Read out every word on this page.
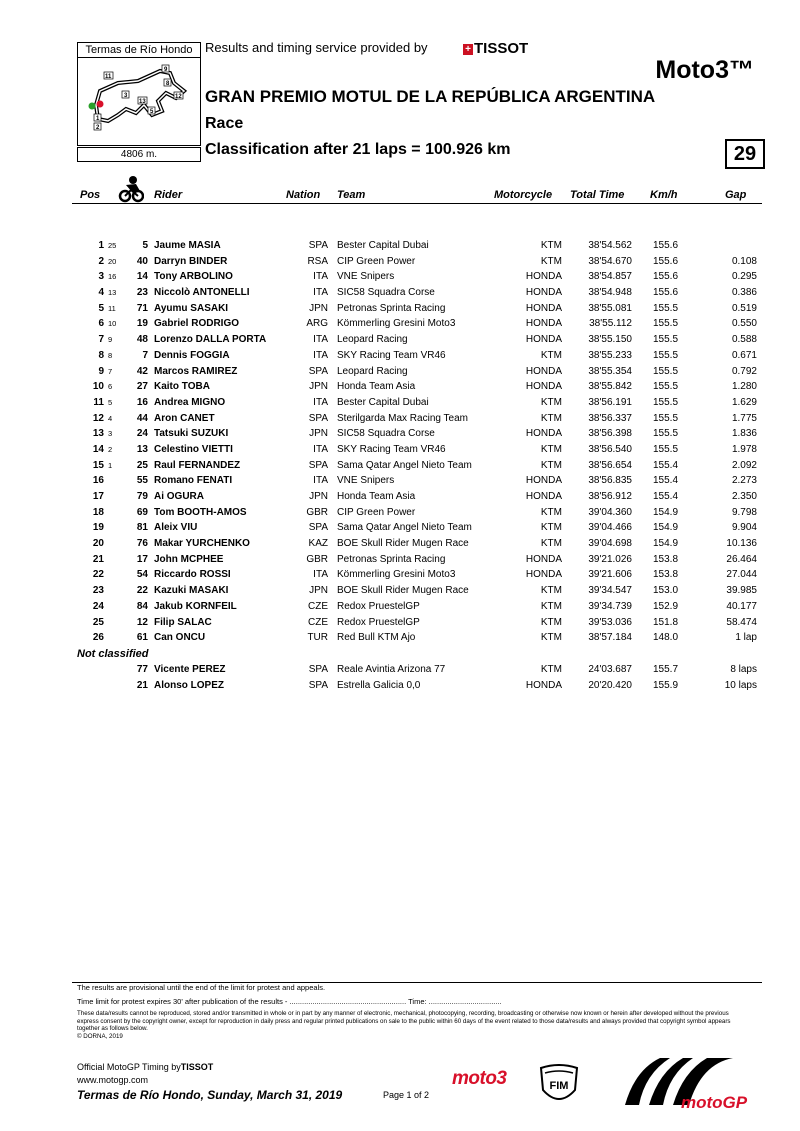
11
9
12
13
3
1
2
8
5
Termas de Río Hondo
4806 m.
Results and timing service provided by	+ TISSOT
Moto3™
GRAN PREMIO MOTUL DE LA REPÚBLICA ARGENTINA
Race
Classification after 21 laps = 100.926 km	29
Pos	Rider	Nation Team	Motorcycle Total Time Km/h	Gap
1 25	5 Jaume MASIA	SPA Bester Capital Dubai	KTM	38'54.562 155.6
2 20 40 Darryn BINDER	RSA CIP Green Power	KTM	38'54.670 155.6	0.108
3 16 14 Tony ARBOLINO	ITA VNE Snipers	HONDA	38'54.857 155.6	0.295
4 13 23 Niccolò ANTONELLI	ITA SIC58 Squadra Corse	HONDA	38'54.948 155.6	0.386
5 11 71 Ayumu SASAKI	JPN Petronas Sprinta Racing	HONDA	38'55.081 155.5	0.519
6 10 19 Gabriel RODRIGO	ARG Kömmerling Gresini Moto3	HONDA	38'55.112 155.5	0.550
7 9 48 Lorenzo DALLA PORTA	ITA Leopard Racing	HONDA	38'55.150 155.5	0.588
8 8	7 Dennis FOGGIA	ITA SKY Racing Team VR46	KTM	38'55.233 155.5	0.671
9 7 42 Marcos RAMIREZ	SPA Leopard Racing	HONDA	38'55.354 155.5	0.792
10 6 27 Kaito TOBA	JPN Honda Team Asia	HONDA	38'55.842 155.5	1.280
11 5 16 Andrea MIGNO	ITA Bester Capital Dubai	KTM	38'56.191 155.5	1.629
12 4 44 Aron CANET	SPA Sterilgarda Max Racing Team	KTM	38'56.337 155.5	1.775
13 3 24 Tatsuki SUZUKI	JPN SIC58 Squadra Corse	HONDA	38'56.398 155.5	1.836
14 2 13 Celestino VIETTI	ITA SKY Racing Team VR46	KTM	38'56.540 155.5	1.978
15 1 25 Raul FERNANDEZ	SPA Sama Qatar Angel Nieto Team	KTM	38'56.654 155.4	2.092
16	55 Romano FENATI	ITA VNE Snipers	HONDA	38'56.835 155.4	2.273
17	79 Ai OGURA	JPN Honda Team Asia	HONDA	38'56.912 155.4	2.350
18	69 Tom BOOTH-AMOS	GBR CIP Green Power	KTM	39'04.360 154.9	9.798
19	81 Aleix VIU	SPA Sama Qatar Angel Nieto Team	KTM	39'04.466 154.9	9.904
20	76 Makar YURCHENKO	KAZ BOE Skull Rider Mugen Race	KTM	39'04.698 154.9	10.136
21	17 John MCPHEE	GBR Petronas Sprinta Racing	HONDA	39'21.026 153.8	26.464
22	54 Riccardo ROSSI	ITA Kömmerling Gresini Moto3	HONDA	39'21.606 153.8	27.044
23	22 Kazuki MASAKI	JPN BOE Skull Rider Mugen Race	KTM	39'34.547 153.0	39.985
24	84 Jakub KORNFEIL	CZE Redox PruestelGP	KTM	39'34.739 152.9	40.177
25	12 Filip SALAC	CZE Redox PruestelGP	KTM	39'53.036 151.8	58.474
26	61 Can ONCU	TUR Red Bull KTM Ajo	KTM	38'57.184 148.0	1 lap
Not classified
77 Vicente PEREZ	SPA Reale Avintia Arizona 77	KTM	24'03.687 155.7	8 laps
21 Alonso LOPEZ	SPA Estrella Galicia 0,0	HONDA	20'20.420 155.9	10 laps
The results are provisional until the end of the limit for protest and appeals.
Time limit for protest expires 30' after publication of the results - ........................................................ Time: ...................................
These data/results cannot be reproduced, stored and/or transmitted in whole or in part by any manner of electronic, mechanical, photocopying, recording, broadcasting or otherwise now known or herein after developed without the previous express consent by the copyright owner, except for reproduction in daily press and regular printed publications on sale to the public within 60 days of the event related to those data/results and always provided that copyright symbol appears together as follows below.
© DORNA, 2019
Official MotoGP Timing byTISSOT
www.motogp.com
Termas de Río Hondo, Sunday, March 31, 2019	Page 1 of 2
moto3	FIM
motoGP
